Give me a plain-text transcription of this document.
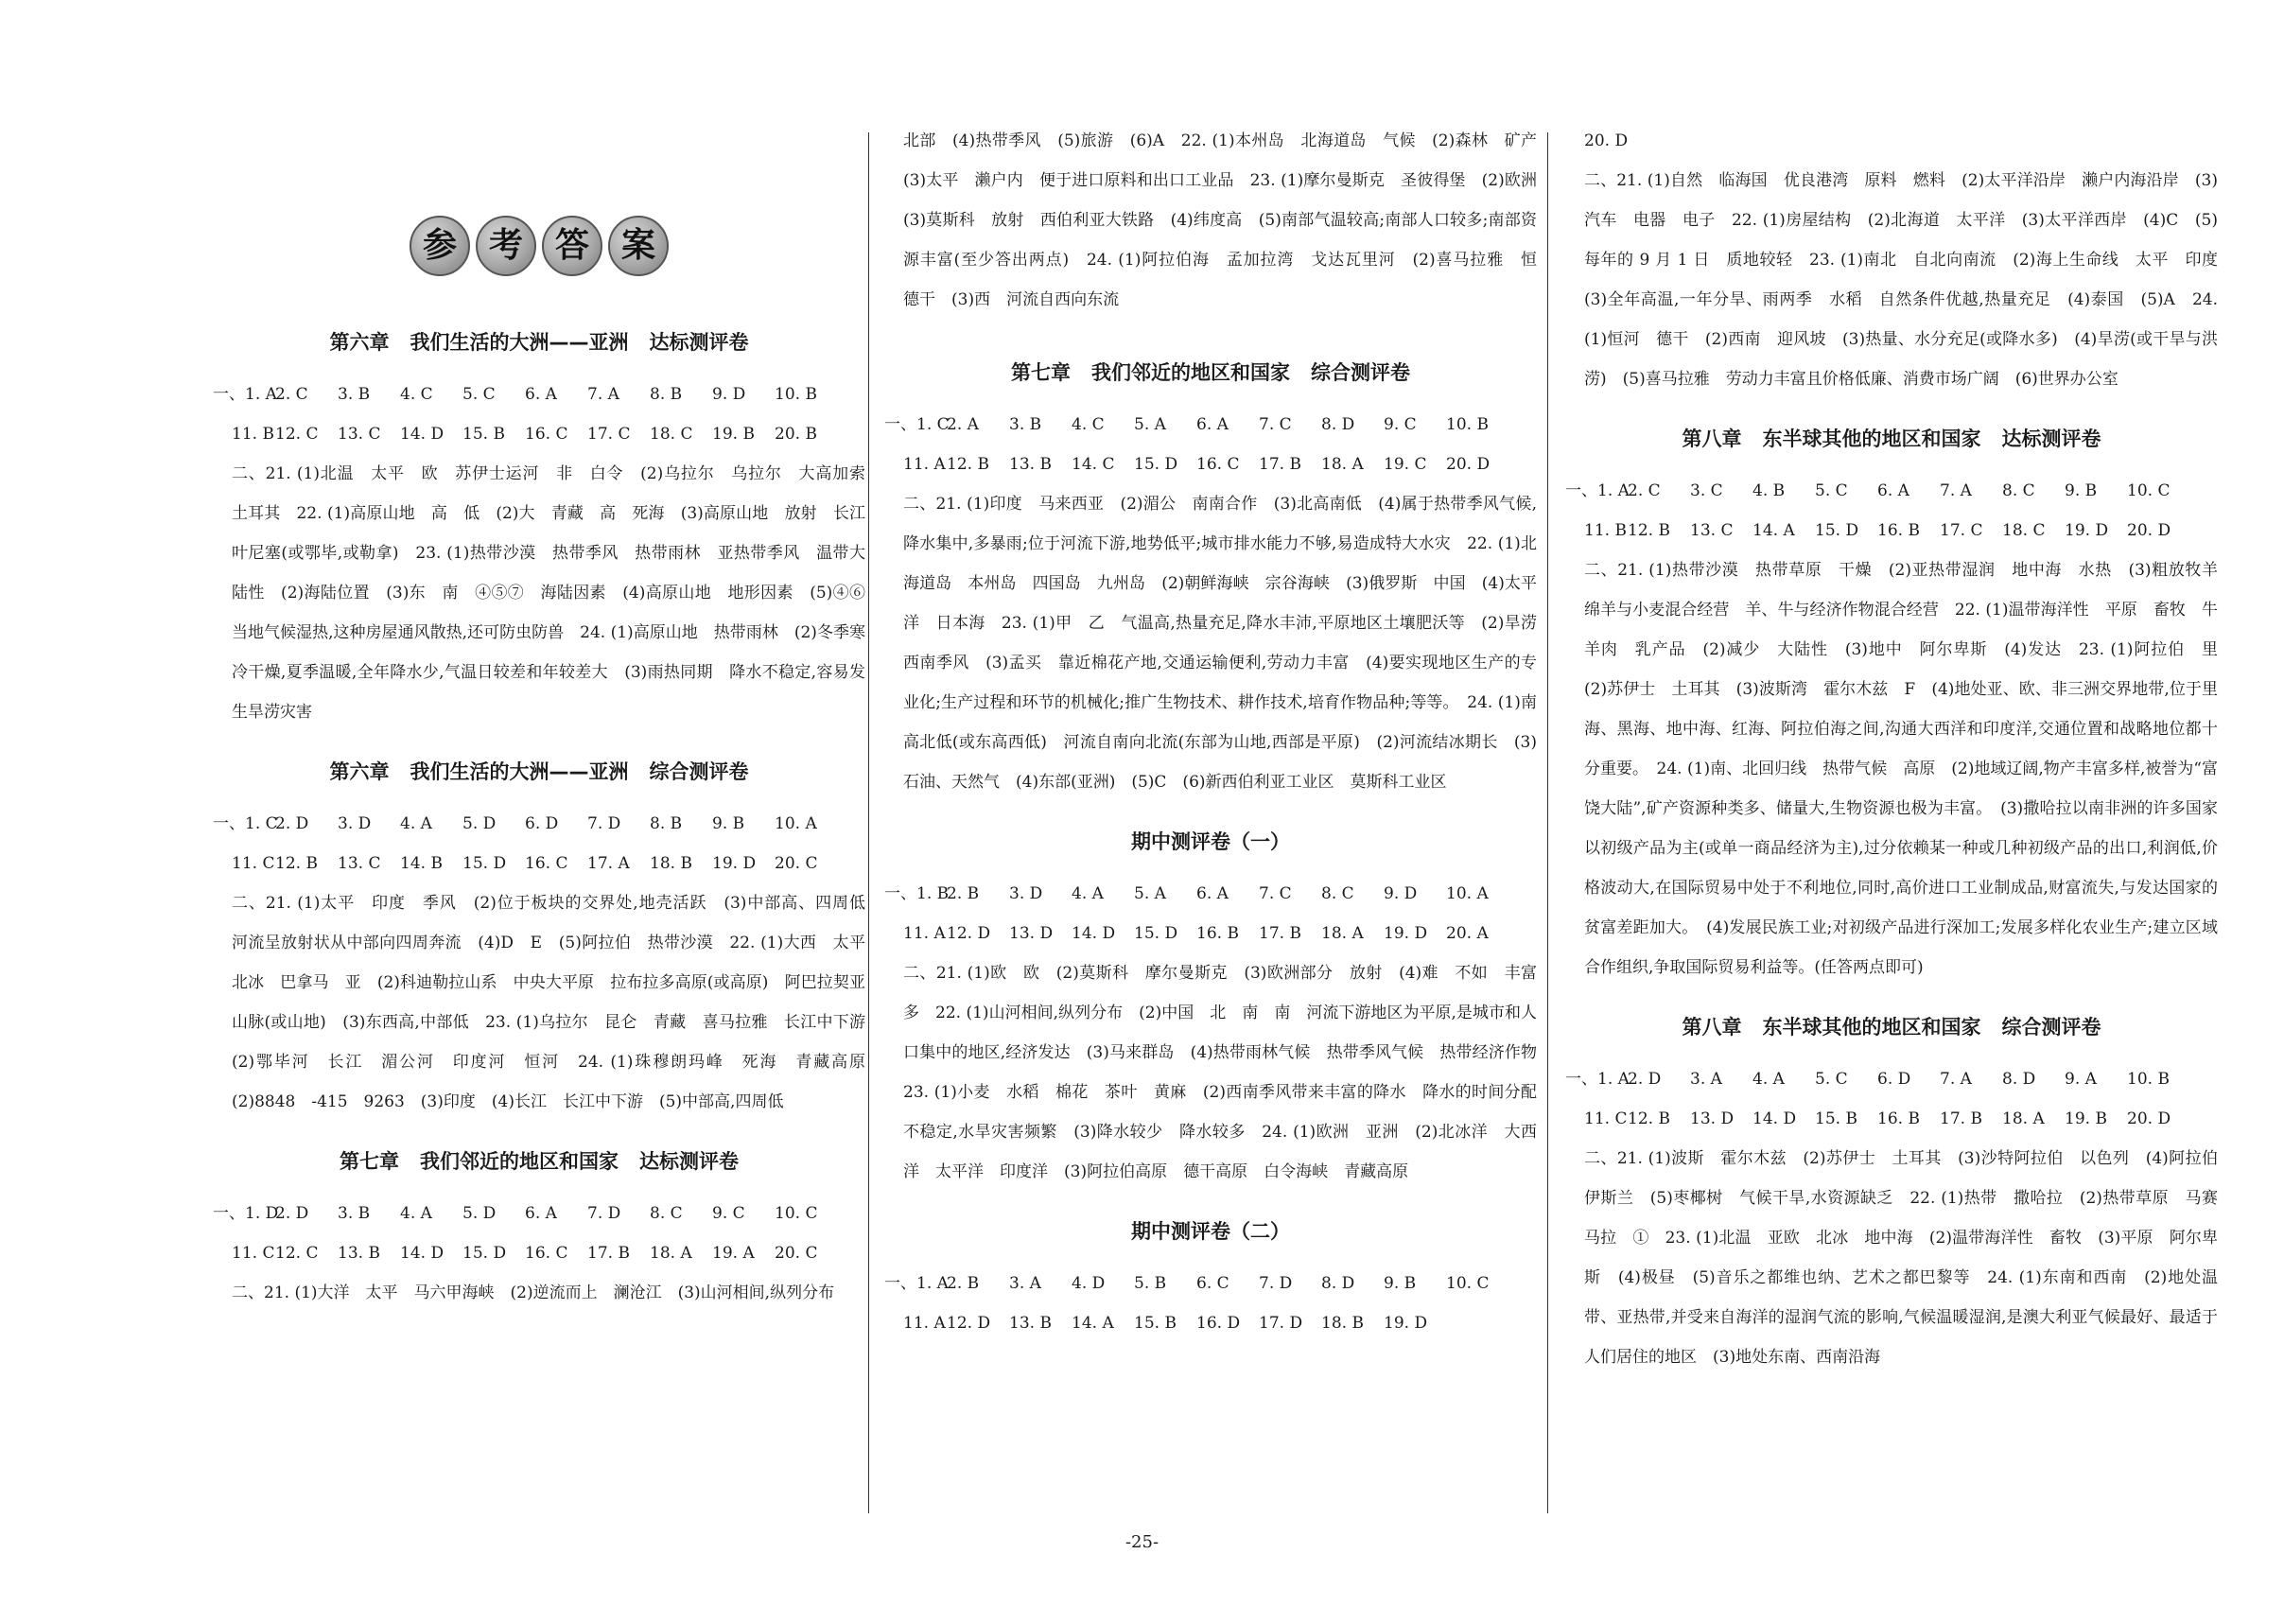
参 考 答 案
第六章 我们生活的大洲——亚洲 达标测评卷
一、1. A
2. C	3. B	4. C	5. C	6. A	7. A	8. B	9. D	10. B
11. B 12. C	13. C	14. D	15. B	16. C	17. C	18. C	19. B	20. B
二、21. (1)北温　太平　欧　苏伊士运河　非　白令　(2)乌拉尔　乌拉尔　大高加索　土耳其　22. (1)高原山地　高　低　(2)大　青藏　高　死海　(3)高原山地　放射　长江　叶尼塞(或鄂毕,或勒拿)　23. (1)热带沙漠　热带季风　热带雨林　亚热带季风　温带大陆性　(2)海陆位置　(3)东　南　④⑤⑦　海陆因素　(4)高原山地　地形因素　(5)④⑥　当地气候湿热,这种房屋通风散热,还可防虫防兽　24. (1)高原山地　热带雨林　(2)冬季寒冷干燥,夏季温暖,全年降水少,气温日较差和年较差大　(3)雨热同期　降水不稳定,容易发生旱涝灾害
第六章 我们生活的大洲——亚洲 综合测评卷
一、1. C
2. D	3. D	4. A	5. D	6. D	7. D	8. B	9. B	10. A
11. C 12. B	13. C	14. B	15. D	16. C	17. A	18. B	19. D	20. C
二、21. (1)太平　印度　季风　(2)位于板块的交界处,地壳活跃　(3)中部高、四周低　河流呈放射状从中部向四周奔流　(4)D　E　(5)阿拉伯　热带沙漠　22. (1)大西　太平　北冰　巴拿马　亚　(2)科迪勒拉山系　中央大平原　拉布拉多高原(或高原)　阿巴拉契亚山脉(或山地)　(3)东西高,中部低　23. (1)乌拉尔　昆仑　青藏　喜马拉雅　长江中下游　(2)鄂毕河　长江　湄公河　印度河　恒河　24. (1)珠穆朗玛峰　死海　青藏高原　(2)8848　-415　9263　(3)印度　(4)长江　长江中下游　(5)中部高,四周低
第七章 我们邻近的地区和国家 达标测评卷
一、1. D
2. D	3. B	4. A	5. D	6. A	7. D	8. C	9. C	10. C
11. C 12. C	13. B	14. D	15. D	16. C	17. B	18. A	19. A	20. C
二、21. (1)大洋　太平　马六甲海峡　(2)逆流而上　澜沧江　(3)山河相间,纵列分布
北部　(4)热带季风　(5)旅游　(6)A　22. (1)本州岛　北海道岛　气候　(2)森林　矿产　(3)太平　濑户内　便于进口原料和出口工业品　23. (1)摩尔曼斯克　圣彼得堡　(2)欧洲　(3)莫斯科　放射　西伯利亚大铁路　(4)纬度高　(5)南部气温较高;南部人口较多;南部资源丰富(至少答出两点)　24. (1)阿拉伯海　孟加拉湾　戈达瓦里河　(2)喜马拉雅　恒　德干　(3)西　河流自西向东流
第七章 我们邻近的地区和国家 综合测评卷
一、1. C
2. A	3. B	4. C	5. A	6. A	7. C	8. D	9. C	10. B
11. A 12. B	13. B	14. C	15. D	16. C	17. B	18. A	19. C	20. D
二、21. (1)印度　马来西亚　(2)湄公　南南合作　(3)北高南低　(4)属于热带季风气候,降水集中,多暴雨;位于河流下游,地势低平;城市排水能力不够,易造成特大水灾　22. (1)北海道岛　本州岛　四国岛　九州岛　(2)朝鲜海峡　宗谷海峡　(3)俄罗斯　中国　(4)太平洋　日本海　23. (1)甲　乙　气温高,热量充足,降水丰沛,平原地区土壤肥沃等　(2)旱涝　西南季风　(3)孟买　靠近棉花产地,交通运输便利,劳动力丰富　(4)要实现地区生产的专业化;生产过程和环节的机械化;推广生物技术、耕作技术,培育作物品种;等等。　24. (1)南高北低(或东高西低)　河流自南向北流(东部为山地,西部是平原)　(2)河流结冰期长　(3)石油、天然气　(4)东部(亚洲)　(5)C　(6)新西伯利亚工业区　莫斯科工业区
期中测评卷（一）
一、1. B
2. B	3. D	4. A	5. A	6. A	7. C	8. C	9. D	10. A
11. A 12. D	13. D	14. D	15. D	16. B	17. B	18. A	19. D	20. A
二、21. (1)欧　欧　(2)莫斯科　摩尔曼斯克　(3)欧洲部分　放射　(4)难　不如　丰富　多　22. (1)山河相间,纵列分布　(2)中国　北　南　南　河流下游地区为平原,是城市和人口集中的地区,经济发达　(3)马来群岛　(4)热带雨林气候　热带季风气候　热带经济作物　23. (1)小麦　水稻　棉花　茶叶　黄麻　(2)西南季风带来丰富的降水　降水的时间分配不稳定,水旱灾害频繁　(3)降水较少　降水较多　24. (1)欧洲　亚洲　(2)北冰洋　大西洋　太平洋　印度洋　(3)阿拉伯高原　德干高原　白令海峡　青藏高原
期中测评卷（二）
一、1. A
2. B	3. A	4. D	5. B	6. C	7. D	8. D	9. B	10. C
11. A 12. D	13. B	14. A	15. B	16. D	17. D	18. B	19. D
20. D
二、21. (1)自然　临海国　优良港湾　原料　燃料　(2)太平洋沿岸　濑户内海沿岸　(3)汽车　电器　电子　22. (1)房屋结构　(2)北海道　太平洋　(3)太平洋西岸　(4)C　(5)每年的 9 月 1 日　质地较轻　23. (1)南北　自北向南流　(2)海上生命线　太平　印度　(3)全年高温,一年分旱、雨两季　水稻　自然条件优越,热量充足　(4)泰国　(5)A　24. (1)恒河　德干　(2)西南　迎风坡　(3)热量、水分充足(或降水多)　(4)旱涝(或干旱与洪涝)　(5)喜马拉雅　劳动力丰富且价格低廉、消费市场广阔　(6)世界办公室
第八章 东半球其他的地区和国家 达标测评卷
一、1. A
2. C	3. C	4. B	5. C	6. A	7. A	8. C	9. B	10. C
11. B 12. B	13. C	14. A	15. D	16. B	17. C	18. C	19. D	20. D
二、21. (1)热带沙漠　热带草原　干燥　(2)亚热带湿润　地中海　水热　(3)粗放牧羊　绵羊与小麦混合经营　羊、牛与经济作物混合经营　22. (1)温带海洋性　平原　畜牧　牛羊肉　乳产品　(2)减少　大陆性　(3)地中　阿尔卑斯　(4)发达　23. (1)阿拉伯　里　(2)苏伊士　土耳其　(3)波斯湾　霍尔木兹　F　(4)地处亚、欧、非三洲交界地带,位于里海、黑海、地中海、红海、阿拉伯海之间,沟通大西洋和印度洋,交通位置和战略地位都十分重要。　24. (1)南、北回归线　热带气候　高原　(2)地域辽阔,物产丰富多样,被誉为“富饶大陆”,矿产资源种类多、储量大,生物资源也极为丰富。　(3)撒哈拉以南非洲的许多国家以初级产品为主(或单一商品经济为主),过分依赖某一种或几种初级产品的出口,利润低,价格波动大,在国际贸易中处于不利地位,同时,高价进口工业制成品,财富流失,与发达国家的贫富差距加大。　(4)发展民族工业;对初级产品进行深加工;发展多样化农业生产;建立区域合作组织,争取国际贸易利益等。(任答两点即可)
第八章 东半球其他的地区和国家 综合测评卷
一、1. A
2. D	3. A	4. A	5. C	6. D	7. A	8. D	9. A	10. B
11. C 12. B	13. D	14. D	15. B	16. B	17. B	18. A	19. B	20. D
二、21. (1)波斯　霍尔木兹　(2)苏伊士　土耳其　(3)沙特阿拉伯　以色列　(4)阿拉伯　伊斯兰　(5)枣椰树　气候干旱,水资源缺乏　22. (1)热带　撒哈拉　(2)热带草原　马赛马拉　①　23. (1)北温　亚欧　北冰　地中海　(2)温带海洋性　畜牧　(3)平原　阿尔卑斯　(4)极昼　(5)音乐之都维也纳、艺术之都巴黎等　24. (1)东南和西南　(2)地处温带、亚热带,并受来自海洋的湿润气流的影响,气候温暖湿润,是澳大利亚气候最好、最适于人们居住的地区　(3)地处东南、西南沿海
-25-
